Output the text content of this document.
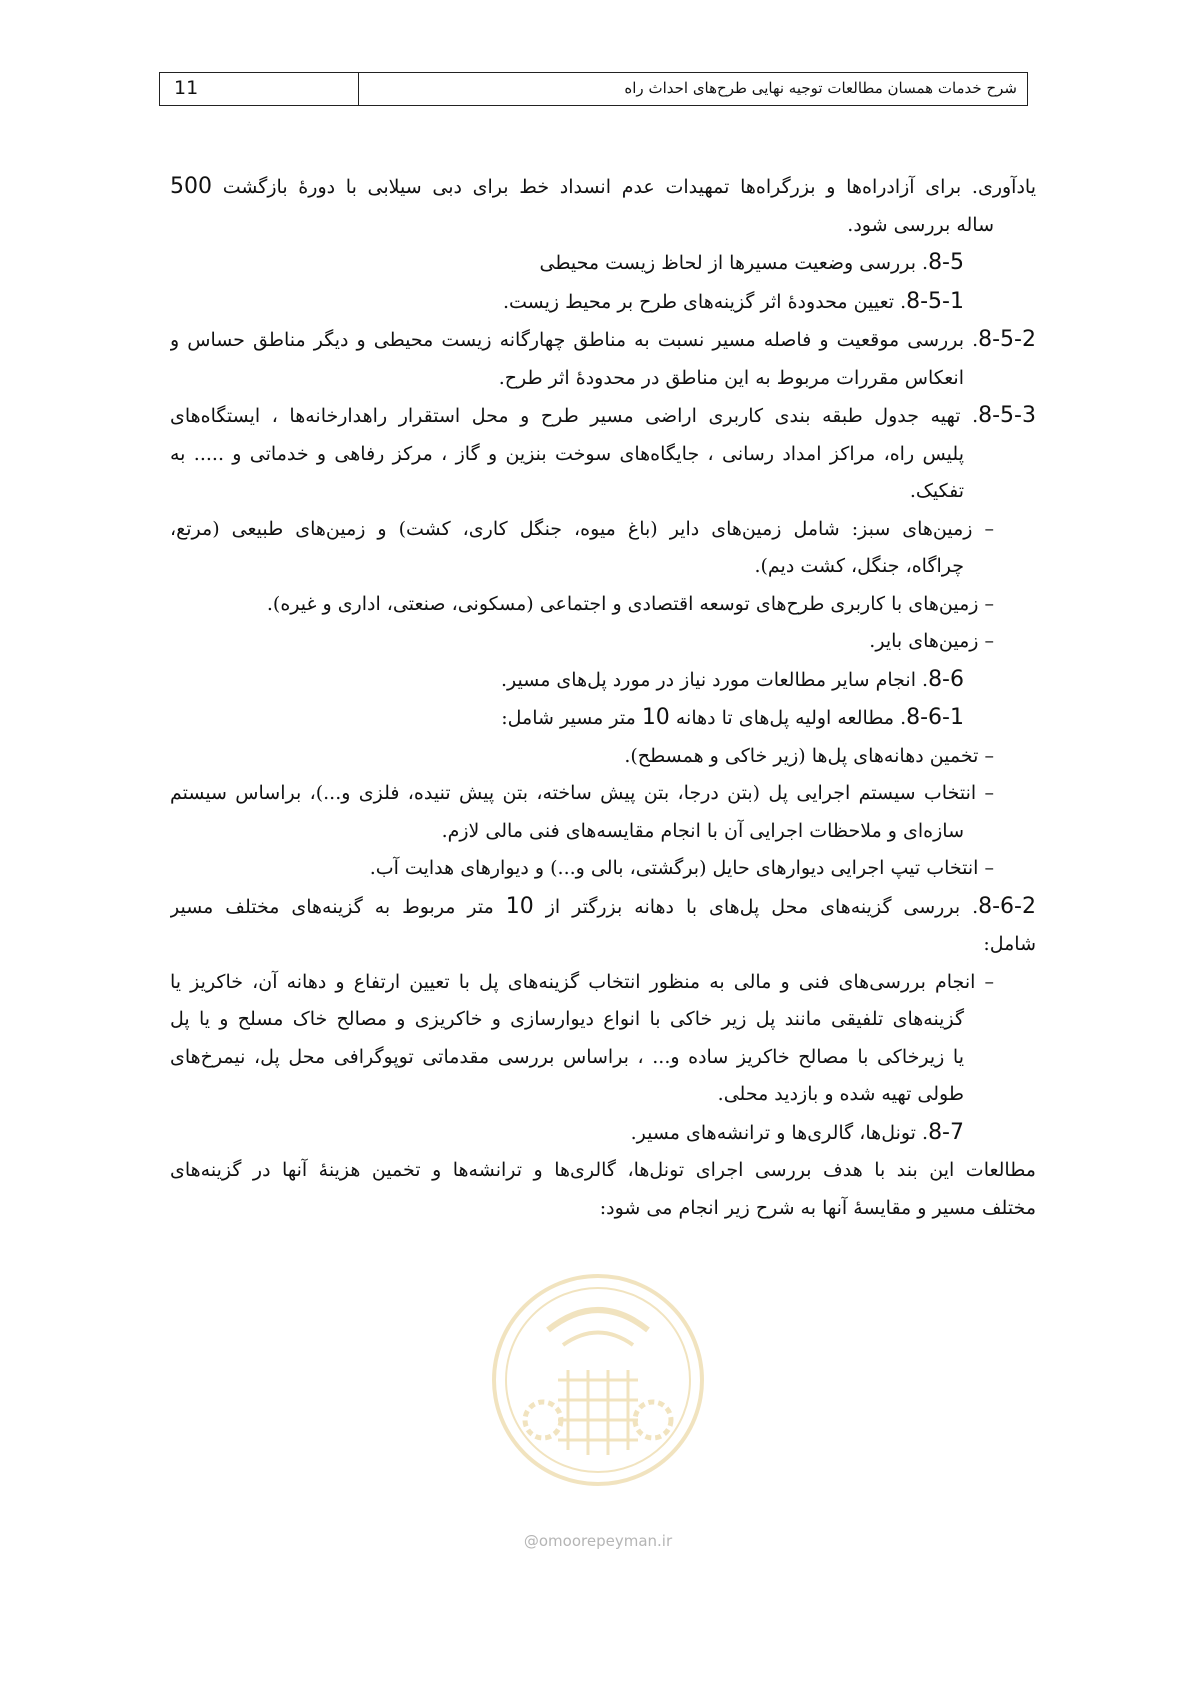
11	شرح خدمات همسان مطالعات توجیه نهایی طرح‌های احداث راه
یادآوری. برای آزادراه‌ها و بزرگراه‌ها تمهیدات عدم انسداد خط برای دبی سیلابی با دورهٔ بازگشت 500
ساله بررسی شود.
8-5. بررسی وضعیت مسیرها از لحاظ زیست محیطی
8-5-1. تعیین محدودهٔ اثر گزینه‌های طرح بر محیط زیست.
8-5-2. بررسی موقعیت و فاصله مسیر نسبت به مناطق چهارگانه زیست محیطی و دیگر مناطق حساس و
انعکاس مقررات مربوط به این مناطق در محدودهٔ اثر طرح.
8-5-3. تهیه جدول طبقه بندی کاربری اراضی مسیر طرح و محل استقرار راهدارخانه‌ها ، ایستگاه‌های
پلیس راه، مراکز امداد رسانی ، جایگاه‌های سوخت بنزین و گاز ، مرکز رفاهی و خدماتی و ..... به
تفکیک.
– زمین‌های سبز: شامل زمین‌های دایر (باغ میوه، جنگل کاری، کشت) و زمین‌های طبیعی (مرتع،
چراگاه، جنگل، کشت دیم).
– زمین‌های با کاربری طرح‌های توسعه اقتصادی و اجتماعی (مسکونی، صنعتی، اداری و غیره).
– زمین‌های بایر.
8-6. انجام سایر مطالعات مورد نیاز در مورد پل‌های مسیر.
8-6-1. مطالعه اولیه پل‌های تا دهانه 10 متر مسیر شامل:
– تخمین دهانه‌های پل‌ها (زیر خاکی و همسطح).
– انتخاب سیستم اجرایی پل (بتن درجا، بتن پیش ساخته، بتن پیش تنیده، فلزی و...)، براساس سیستم
سازه‌ای و ملاحظات اجرایی آن با انجام مقایسه‌های فنی مالی لازم.
– انتخاب تیپ اجرایی دیوارهای حایل (برگشتی، بالی و...) و دیوارهای هدایت آب.
8-6-2. بررسی گزینه‌های محل پل‌های با دهانه بزرگتر از 10 متر مربوط به گزینه‌های مختلف مسیر
شامل:
– انجام بررسی‌های فنی و مالی به منظور انتخاب گزینه‌های پل با تعیین ارتفاع و دهانه آن، خاکریز یا
گزینه‌های تلفیقی مانند پل زیر خاکی با انواع دیوارسازی و خاکریزی و مصالح خاک مسلح و یا پل
یا زیرخاکی با مصالح خاکریز ساده و... ، براساس بررسی مقدماتی توپوگرافی محل پل، نیمرخ‌های
طولی تهیه شده و بازدید محلی.
8-7. تونل‌ها، گالری‌ها و ترانشه‌های مسیر.
مطالعات این بند با هدف بررسی اجرای تونل‌ها، گالری‌ها و ترانشه‌ها و تخمین هزینهٔ آنها در گزینه‌های
مختلف مسیر و مقایسهٔ آنها به شرح زیر انجام می شود:
@omoorepeyman.ir
